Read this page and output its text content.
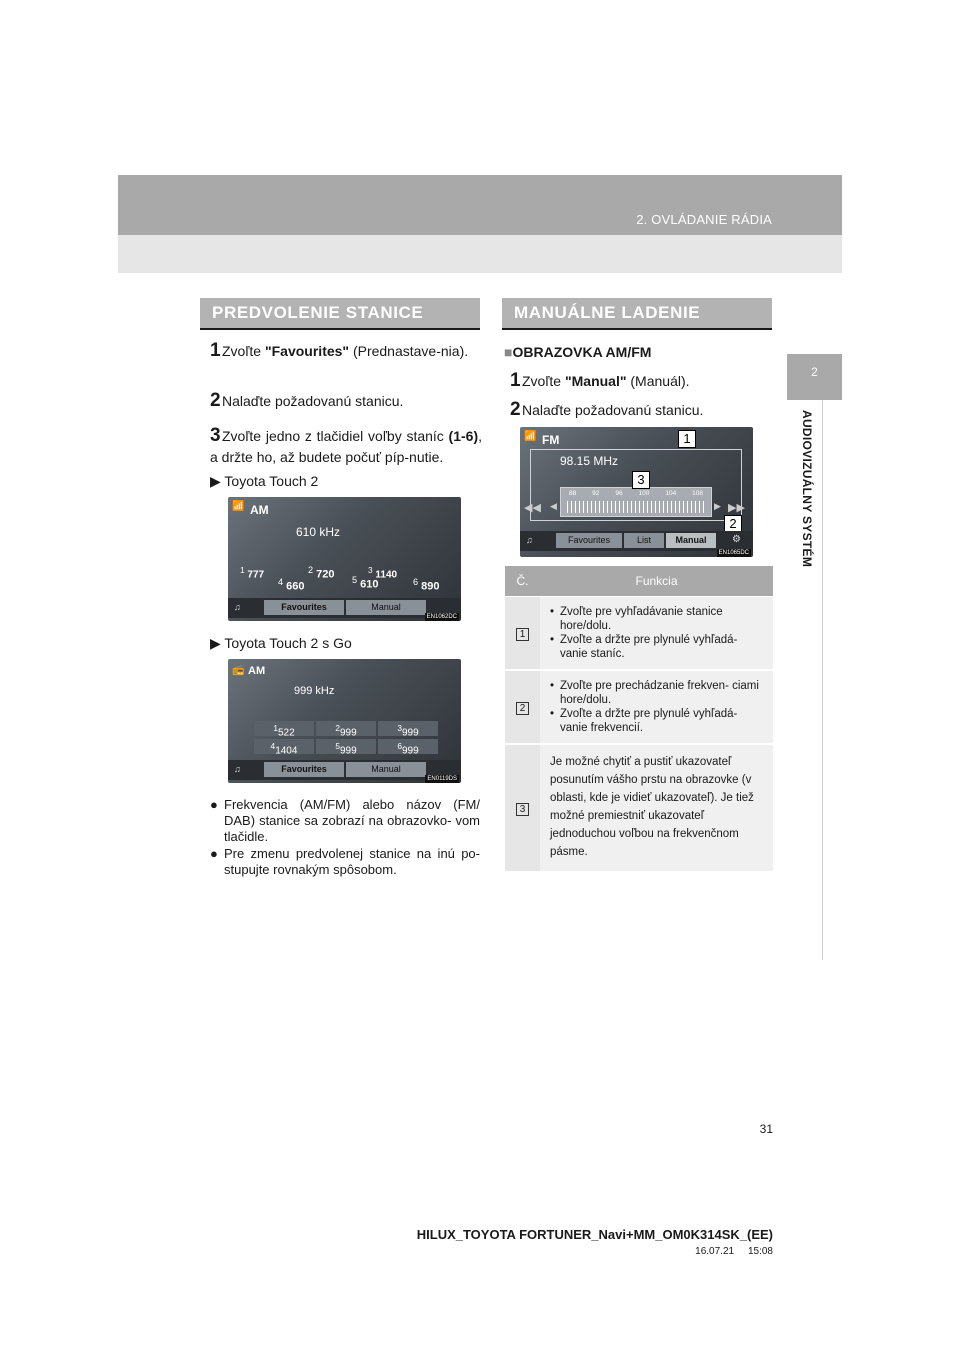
2. OVLÁDANIE RÁDIA
2
AUDIOVIZUÁLNY SYSTÉM
PREDVOLENIE STANICE
1Zvoľte "Favourites" (Prednastave-nia).
2Nalaďte požadovanú stanicu.
3Zvoľte jedno z tlačidiel voľby staníc (1-6), a držte ho, až budete počuť píp-nutie.
▶ Toyota Touch 2
📶 AM
610 kHz
$^1$ 777	$^2$ 720	$^3$ 1140
$^4$ 660
$^5$ 610	$^6$ 890
♫	Favourites	Manual
EN1062DC
▶ Toyota Touch 2 s Go
📻 AM
999 kHz
$^1$522	$^2$999	$^3$999
$^4$1404	$^5$999	$^6$999
♫	Favourites	Manual
EN0119DS
● Frekvencia (AM/FM) alebo názov (FM/ DAB) stanice sa zobrazí na obrazovko- vom tlačidle.
● Pre zmenu predvolenej stanice na inú po- stupujte rovnakým spôsobom.
MANUÁLNE LADENIE
■OBRAZOVKA AM/FM
1Zvoľte "Manual" (Manuál).
2Nalaďte požadovanú stanicu.
📶 FM
98.15 MHz
88 92 96 100 104 108
◀◀ ◀	▶ ▶▶
1
3
2
♫	Favourites	List	Manual	⚙
EN1065DC
Č.	Funkcia
1	• Zvoľte pre vyhľadávanie stanice hore/dolu.
• Zvoľte a držte pre plynulé vyhľadá- vanie staníc.

2	• Zvoľte pre prechádzanie frekven- ciami hore/dolu.
• Zvoľte a držte pre plynulé vyhľadá- vanie frekvencií.

3	Je možné chytiť a pustiť ukazovateľ posunutím vášho prstu na obrazovke (v oblasti, kde je vidieť ukazovateľ). Je tiež možné premiestniť ukazovateľ jednoduchou voľbou na frekvenčnom pásme.
31
HILUX_TOYOTA FORTUNER_Navi+MM_OM0K314SK_(EE)
16.07.21     15:08
